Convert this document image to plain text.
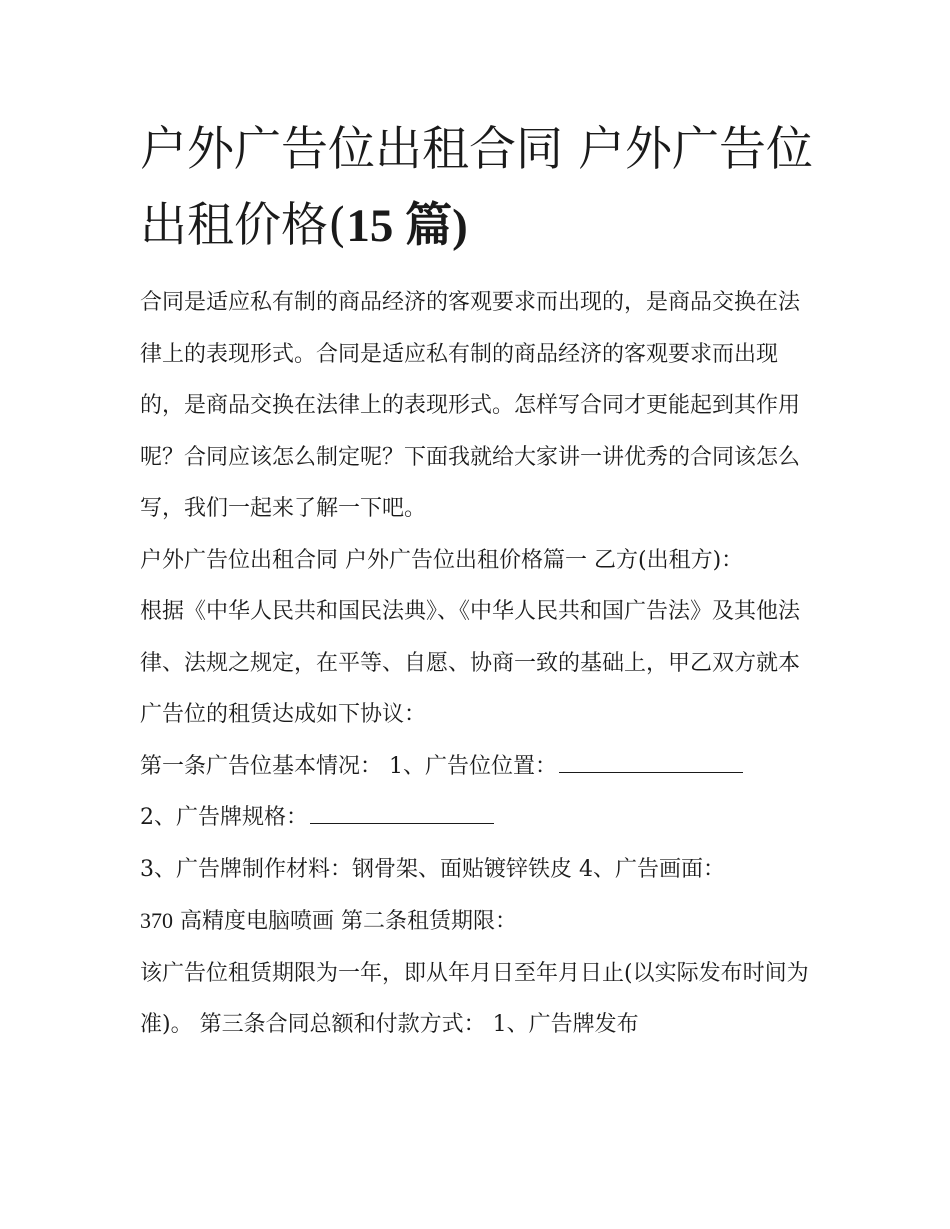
户外广告位出租合同 户外广告位出租价格(15 篇)

合同是适应私有制的商品经济的客观要求而出现的，是商品交换在法律上的表现形式。合同是适应私有制的商品经济的客观要求而出现的，是商品交换在法律上的表现形式。怎样写合同才更能起到其作用呢？合同应该怎么制定呢？下面我就给大家讲一讲优秀的合同该怎么写，我们一起来了解一下吧。

户外广告位出租合同 户外广告位出租价格篇一 乙方(出租方)：

根据《中华人民共和国民法典》、《中华人民共和国广告法》及其他法律、法规之规定，在平等、自愿、协商一致的基础上，甲乙双方就本广告位的租赁达成如下协议：

第一条广告位基本情况： 1、广告位位置：

2、广告牌规格：

3、广告牌制作材料：钢骨架、面贴镀锌铁皮 4、广告画面：
370 高精度电脑喷画 第二条租赁期限：

该广告位租赁期限为一年，即从年月日至年月日止(以实际发布时间为准)。 第三条合同总额和付款方式： 1、广告牌发布
